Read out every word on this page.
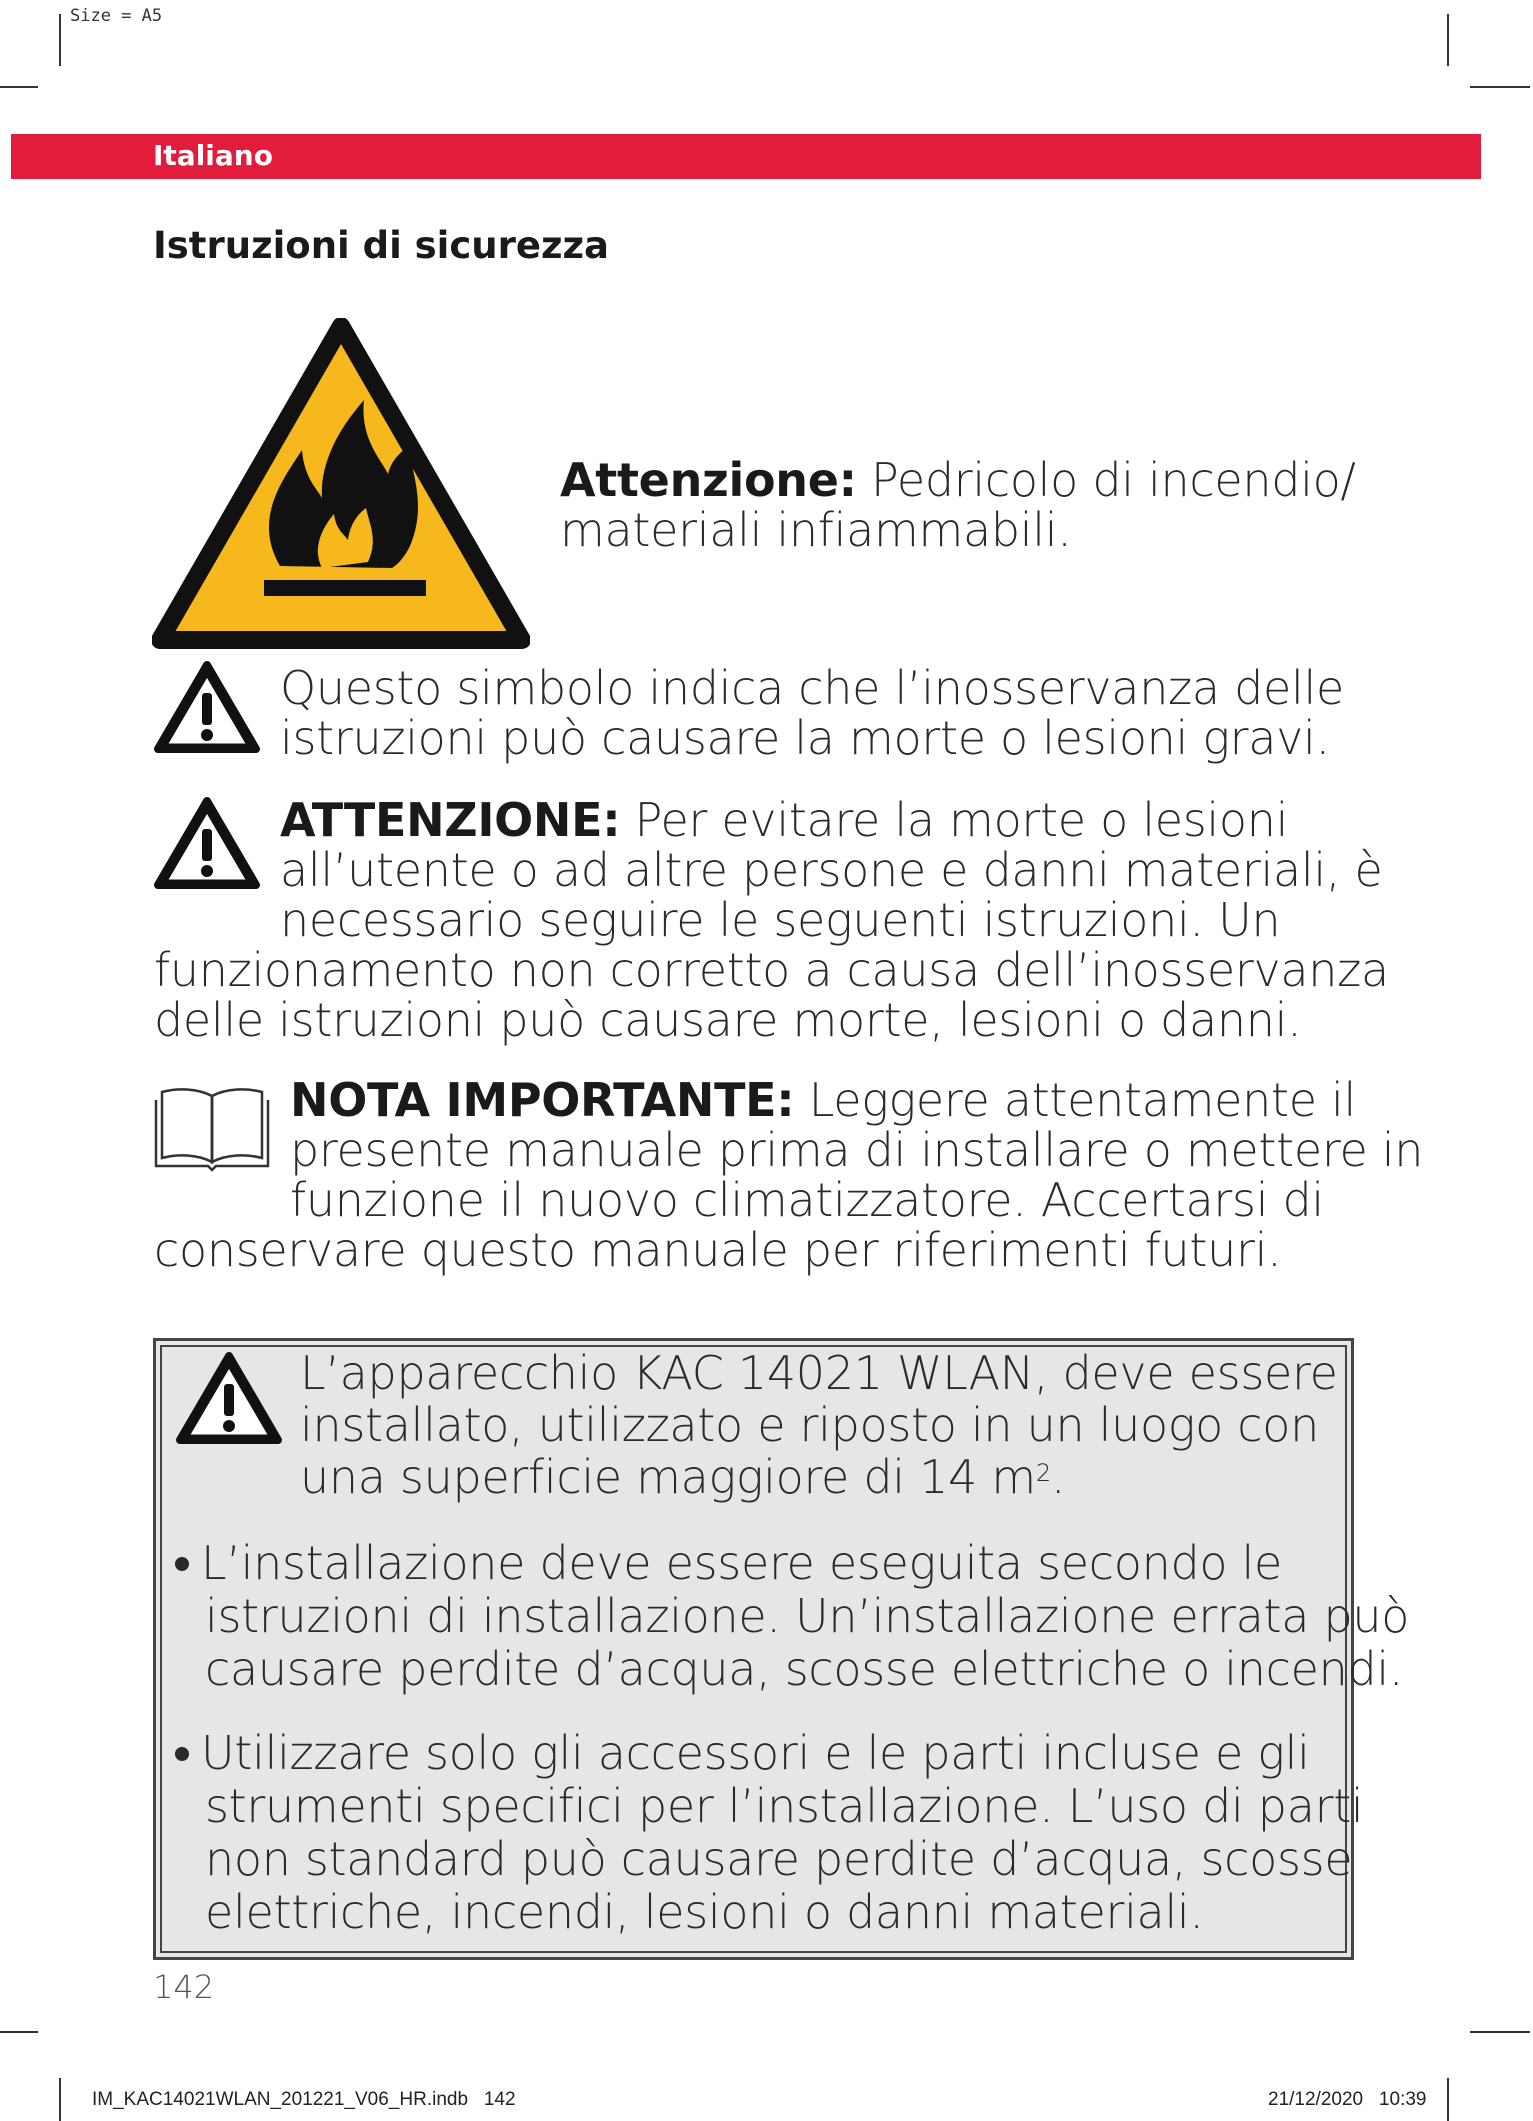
Size = A5
Italiano
Istruzioni di sicurezza
Attenzione: Pedricolo di incendio/
materiali infiammabili.
Questo simbolo indica che l’inosservanza delle
istruzioni può causare la morte o lesioni gravi.
ATTENZIONE: Per evitare la morte o lesioni
all’utente o ad altre persone e danni materiali, è
necessario seguire le seguenti istruzioni. Un
funzionamento non corretto a causa dell’inosservanza
delle istruzioni può causare morte, lesioni o danni.
NOTA IMPORTANTE: Leggere attentamente il
presente manuale prima di installare o mettere in
funzione il nuovo climatizzatore. Accertarsi di
conservare questo manuale per riferimenti futuri.
L’apparecchio KAC 14021 WLAN, deve essere
installato, utilizzato e riposto in un luogo con
una superficie maggiore di 14 $m^2$.
L’installazione deve essere eseguita secondo le
istruzioni di installazione. Un’installazione errata può
causare perdite d’acqua, scosse elettriche o incendi.
Utilizzare solo gli accessori e le parti incluse e gli
strumenti specifici per l’installazione. L’uso di parti
non standard può causare perdite d’acqua, scosse
elettriche, incendi, lesioni o danni materiali.
142
IM_KAC14021WLAN_201221_V06_HR.indb   142	21/12/2020   10:39
